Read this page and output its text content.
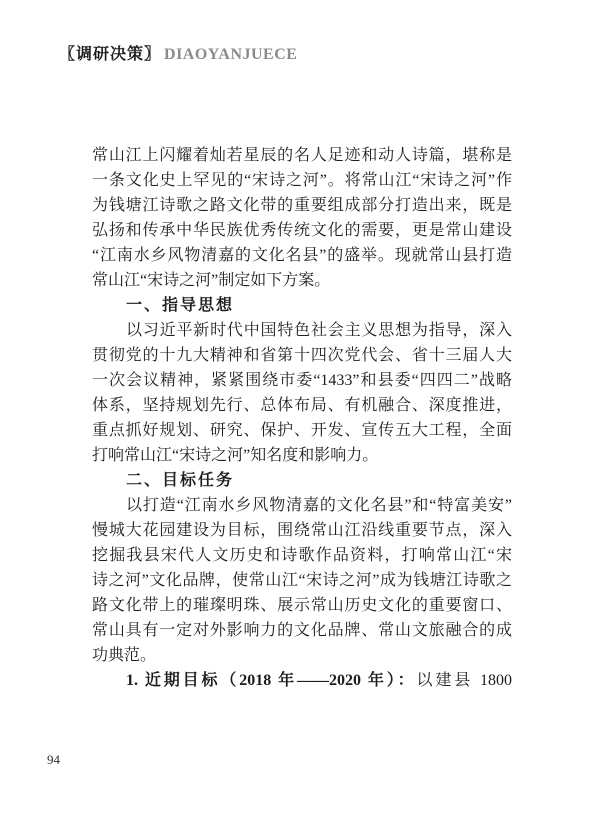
〖调研决策〗 DIAOYANJUECE
常山江上闪耀着灿若星辰的名人足迹和动人诗篇，堪称是
一条文化史上罕见的“宋诗之河”。将常山江“宋诗之河”作
为钱塘江诗歌之路文化带的重要组成部分打造出来，既是
弘扬和传承中华民族优秀传统文化的需要，更是常山建设
“江南水乡风物清嘉的文化名县”的盛举。现就常山县打造
常山江“宋诗之河”制定如下方案。
一、指导思想
以习近平新时代中国特色社会主义思想为指导，深入
贯彻党的十九大精神和省第十四次党代会、省十三届人大
一次会议精神，紧紧围绕市委“1433”和县委“四四二”战略
体系，坚持规划先行、总体布局、有机融合、深度推进，
重点抓好规划、研究、保护、开发、宣传五大工程，全面
打响常山江“宋诗之河”知名度和影响力。
二、目标任务
以打造“江南水乡风物清嘉的文化名县”和“特富美安”
慢城大花园建设为目标，围绕常山江沿线重要节点，深入
挖掘我县宋代人文历史和诗歌作品资料，打响常山江“宋
诗之河”文化品牌，使常山江“宋诗之河”成为钱塘江诗歌之
路文化带上的璀璨明珠、展示常山历史文化的重要窗口、
常山具有一定对外影响力的文化品牌、常山文旅融合的成
功典范。
1. 近期目标（2018 年——2020 年）：以建县 1800
94
